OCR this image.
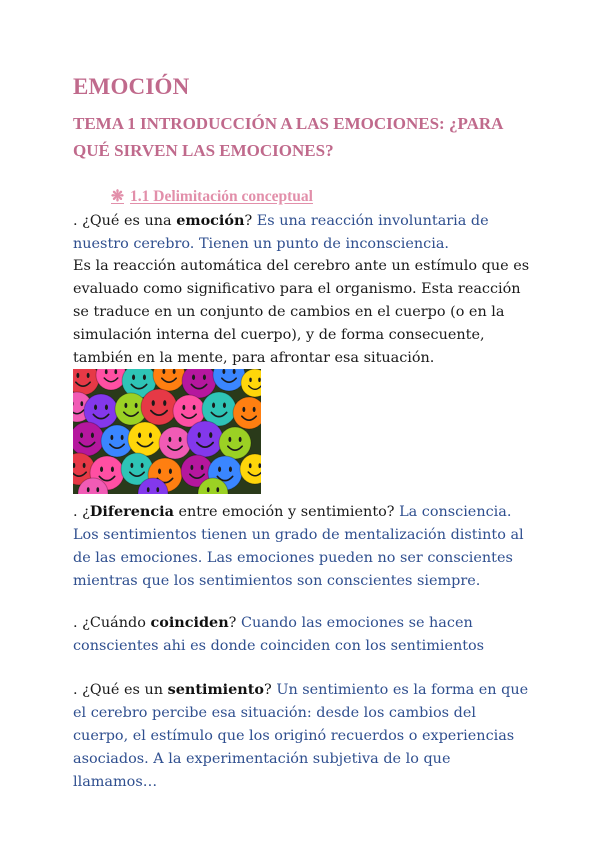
EMOCIÓN
TEMA 1 INTRODUCCIÓN A LAS EMOCIONES: ¿PARA QUÉ SIRVEN LAS EMOCIONES?
❋ 1.1 Delimitación conceptual
. ¿Qué es una emoción? Es una reacción involuntaria de nuestro cerebro. Tienen un punto de inconsciencia.
Es la reacción automática del cerebro ante un estímulo que es evaluado como significativo para el organismo. Esta reacción se traduce en un conjunto de cambios en el cuerpo (o en la simulación interna del cuerpo), y de forma consecuente, también en la mente, para afrontar esa situación.
. ¿Diferencia entre emoción y sentimiento? La consciencia. Los sentimientos tienen un grado de mentalización distinto al de las emociones. Las emociones pueden no ser conscientes mientras que los sentimientos son conscientes siempre.
. ¿Cuándo coinciden? Cuando las emociones se hacen conscientes ahi es donde coinciden con los sentimientos
. ¿Qué es un sentimiento? Un sentimiento es la forma en que el cerebro percibe esa situación: desde los cambios del cuerpo, el estímulo que los originó recuerdos o experiencias asociados. A la experimentación subjetiva de lo que llamamos…
